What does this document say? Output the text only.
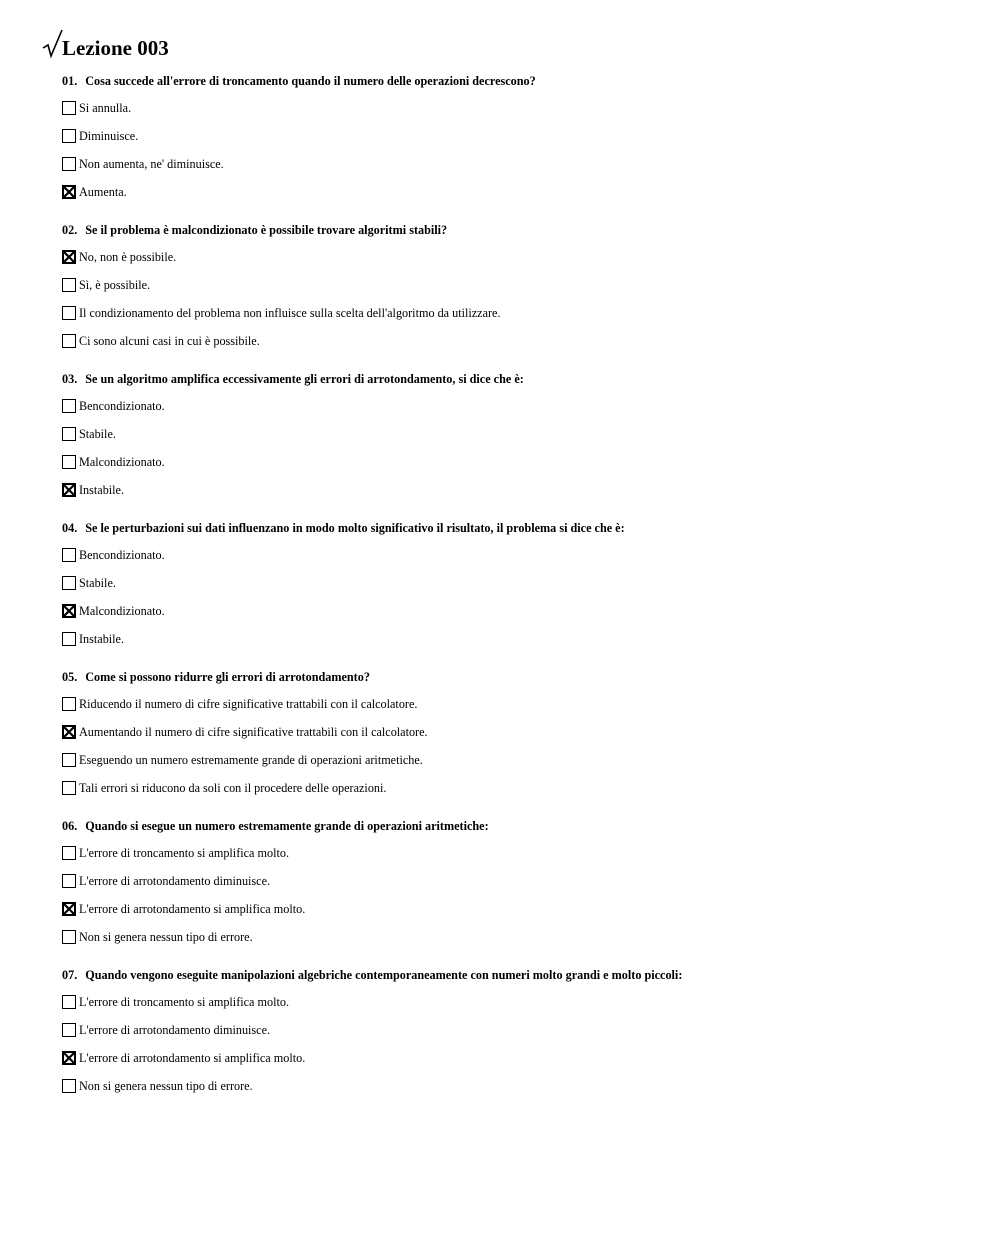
Lezione 003
01. Cosa succede all'errore di troncamento quando il numero delle operazioni decrescono?
Si annulla.
Diminuisce.
Non aumenta, ne' diminuisce.
Aumenta.
02. Se il problema è malcondizionato è possibile trovare algoritmi stabili?
No, non è possibile.
Sì, è possibile.
Il condizionamento del problema non influisce sulla scelta dell'algoritmo da utilizzare.
Ci sono alcuni casi in cui è possibile.
03. Se un algoritmo amplifica eccessivamente gli errori di arrotondamento, si dice che è:
Bencondizionato.
Stabile.
Malcondizionato.
Instabile.
04. Se le perturbazioni sui dati influenzano in modo molto significativo il risultato, il problema si dice che è:
Bencondizionato.
Stabile.
Malcondizionato.
Instabile.
05. Come si possono ridurre gli errori di arrotondamento?
Riducendo il numero di cifre significative trattabili con il calcolatore.
Aumentando il numero di cifre significative trattabili con il calcolatore.
Eseguendo un numero estremamente grande di operazioni aritmetiche.
Tali errori si riducono da soli con il procedere delle operazioni.
06. Quando si esegue un numero estremamente grande di operazioni aritmetiche:
L'errore di troncamento si amplifica molto.
L'errore di arrotondamento diminuisce.
L'errore di arrotondamento si amplifica molto.
Non si genera nessun tipo di errore.
07. Quando vengono eseguite manipolazioni algebriche contemporaneamente con numeri molto grandi e molto piccoli:
L'errore di troncamento si amplifica molto.
L'errore di arrotondamento diminuisce.
L'errore di arrotondamento si amplifica molto.
Non si genera nessun tipo di errore.
